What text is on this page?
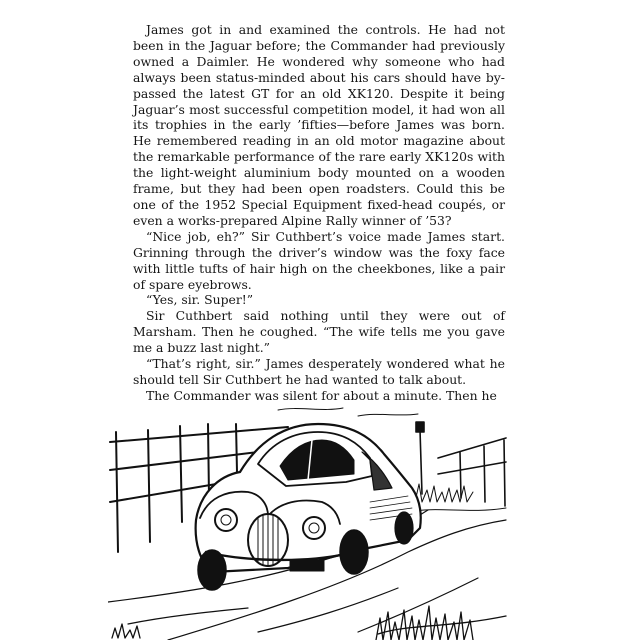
James got in and examined the controls. He had not been in the Jaguar before; the Commander had previously owned a Daimler. He wondered why someone who had always been status-minded about his cars should have by-passed the latest GT for an old XK120. Despite it being Jaguar’s most successful competition model, it had won all its trophies in the early ’fifties—before James was born. He remembered reading in an old motor magazine about the remarkable performance of the rare early XK120s with the light-weight aluminium body mounted on a wooden frame, but they had been open roadsters. Could this be one of the 1952 Special Equipment fixed-head coupés, or even a works-prepared Alpine Rally winner of ’53?

“Nice job, eh?” Sir Cuthbert’s voice made James start. Grinning through the driver’s window was the foxy face with little tufts of hair high on the cheekbones, like a pair of spare eyebrows.

“Yes, sir. Super!”

Sir Cuthbert said nothing until they were out of Marsham. Then he coughed. “The wife tells me you gave me a buzz last night.”

“That’s right, sir.” James desperately wondered what he should tell Sir Cuthbert he had wanted to talk about.

The Commander was silent for about a minute. Then he
